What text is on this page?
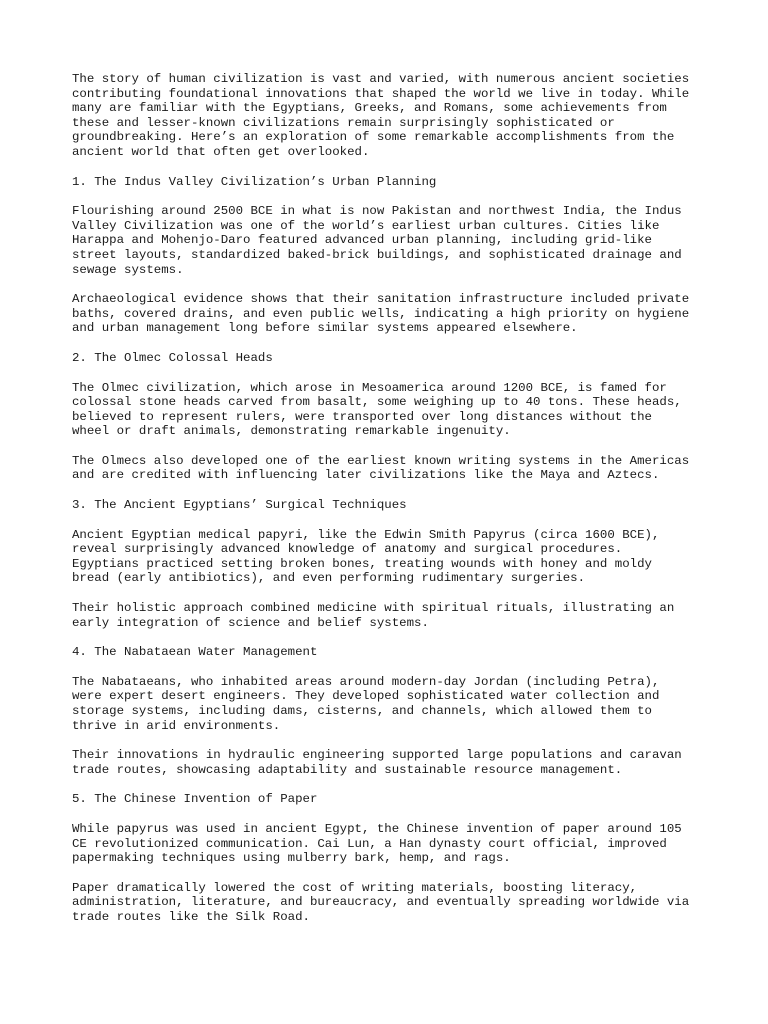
The story of human civilization is vast and varied, with numerous ancient societies
contributing foundational innovations that shaped the world we live in today. While
many are familiar with the Egyptians, Greeks, and Romans, some achievements from
these and lesser-known civilizations remain surprisingly sophisticated or
groundbreaking. Here’s an exploration of some remarkable accomplishments from the
ancient world that often get overlooked.
1. The Indus Valley Civilization’s Urban Planning
Flourishing around 2500 BCE in what is now Pakistan and northwest India, the Indus
Valley Civilization was one of the world’s earliest urban cultures. Cities like
Harappa and Mohenjo-Daro featured advanced urban planning, including grid-like
street layouts, standardized baked-brick buildings, and sophisticated drainage and
sewage systems.
Archaeological evidence shows that their sanitation infrastructure included private
baths, covered drains, and even public wells, indicating a high priority on hygiene
and urban management long before similar systems appeared elsewhere.
2. The Olmec Colossal Heads
The Olmec civilization, which arose in Mesoamerica around 1200 BCE, is famed for
colossal stone heads carved from basalt, some weighing up to 40 tons. These heads,
believed to represent rulers, were transported over long distances without the
wheel or draft animals, demonstrating remarkable ingenuity.
The Olmecs also developed one of the earliest known writing systems in the Americas
and are credited with influencing later civilizations like the Maya and Aztecs.
3. The Ancient Egyptians’ Surgical Techniques
Ancient Egyptian medical papyri, like the Edwin Smith Papyrus (circa 1600 BCE),
reveal surprisingly advanced knowledge of anatomy and surgical procedures.
Egyptians practiced setting broken bones, treating wounds with honey and moldy
bread (early antibiotics), and even performing rudimentary surgeries.
Their holistic approach combined medicine with spiritual rituals, illustrating an
early integration of science and belief systems.
4. The Nabataean Water Management
The Nabataeans, who inhabited areas around modern-day Jordan (including Petra),
were expert desert engineers. They developed sophisticated water collection and
storage systems, including dams, cisterns, and channels, which allowed them to
thrive in arid environments.
Their innovations in hydraulic engineering supported large populations and caravan
trade routes, showcasing adaptability and sustainable resource management.
5. The Chinese Invention of Paper
While papyrus was used in ancient Egypt, the Chinese invention of paper around 105
CE revolutionized communication. Cai Lun, a Han dynasty court official, improved
papermaking techniques using mulberry bark, hemp, and rags.
Paper dramatically lowered the cost of writing materials, boosting literacy,
administration, literature, and bureaucracy, and eventually spreading worldwide via
trade routes like the Silk Road.
